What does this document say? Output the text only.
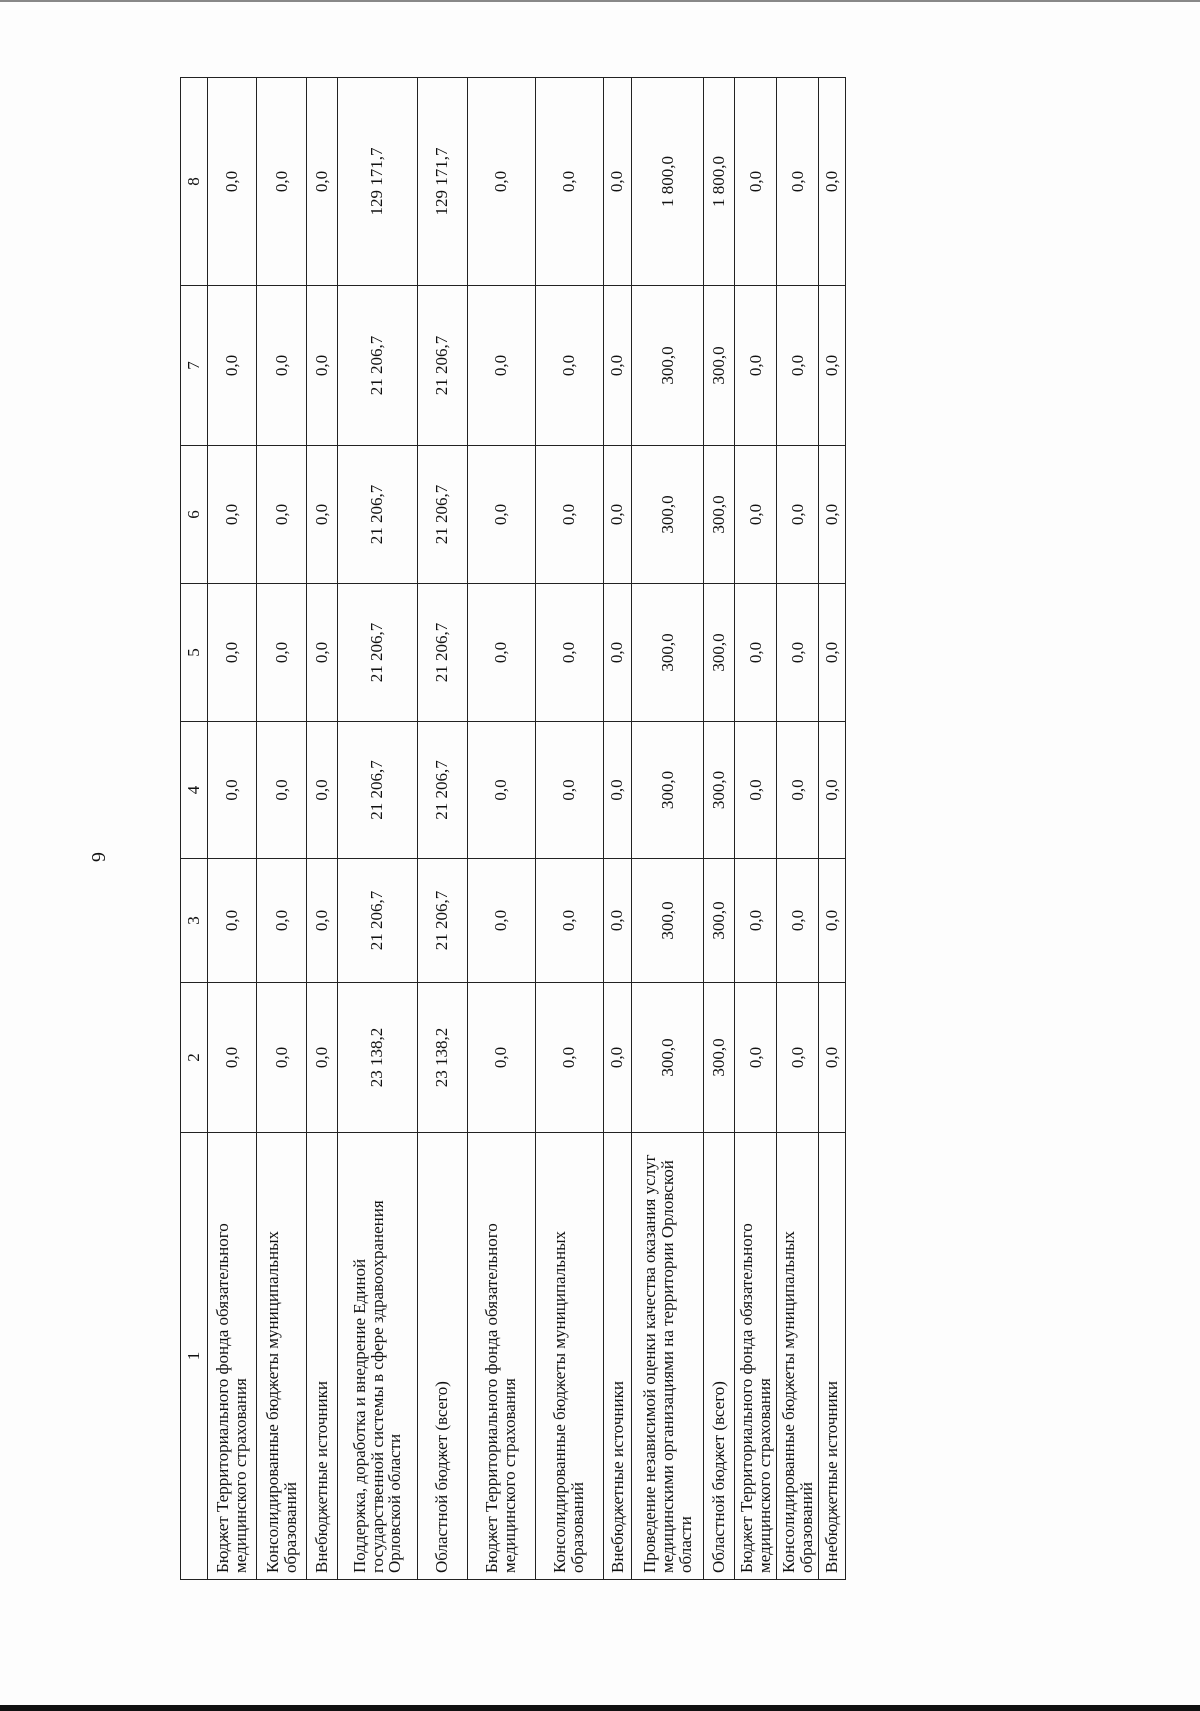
6
1	2	3	4	5	6	7	8
Бюджет Территориального фонда обязательного медицинского страхования	0,0	0,0	0,0	0,0	0,0	0,0	0,0
Консолидированные бюджеты муниципальных образований	0,0	0,0	0,0	0,0	0,0	0,0	0,0
Внебюджетные источники	0,0	0,0	0,0	0,0	0,0	0,0	0,0
Поддержка, доработка и внедрение Единой государственной системы в сфере здравоохранения Орловской области	23 138,2	21 206,7	21 206,7	21 206,7	21 206,7	21 206,7	129 171,7
Областной бюджет (всего)	23 138,2	21 206,7	21 206,7	21 206,7	21 206,7	21 206,7	129 171,7
Бюджет Территориального фонда обязательного медицинского страхования	0,0	0,0	0,0	0,0	0,0	0,0	0,0
Консолидированные бюджеты муниципальных образований	0,0	0,0	0,0	0,0	0,0	0,0	0,0
Внебюджетные источники	0,0	0,0	0,0	0,0	0,0	0,0	0,0
Проведение независимой оценки качества оказания услуг медицинскими организациями на территории Орловской области	300,0	300,0	300,0	300,0	300,0	300,0	1 800,0
Областной бюджет (всего)	300,0	300,0	300,0	300,0	300,0	300,0	1 800,0
Бюджет Территориального фонда обязательного медицинского страхования	0,0	0,0	0,0	0,0	0,0	0,0	0,0
Консолидированные бюджеты муниципальных образований	0,0	0,0	0,0	0,0	0,0	0,0	0,0
Внебюджетные источники	0,0	0,0	0,0	0,0	0,0	0,0	0,0
